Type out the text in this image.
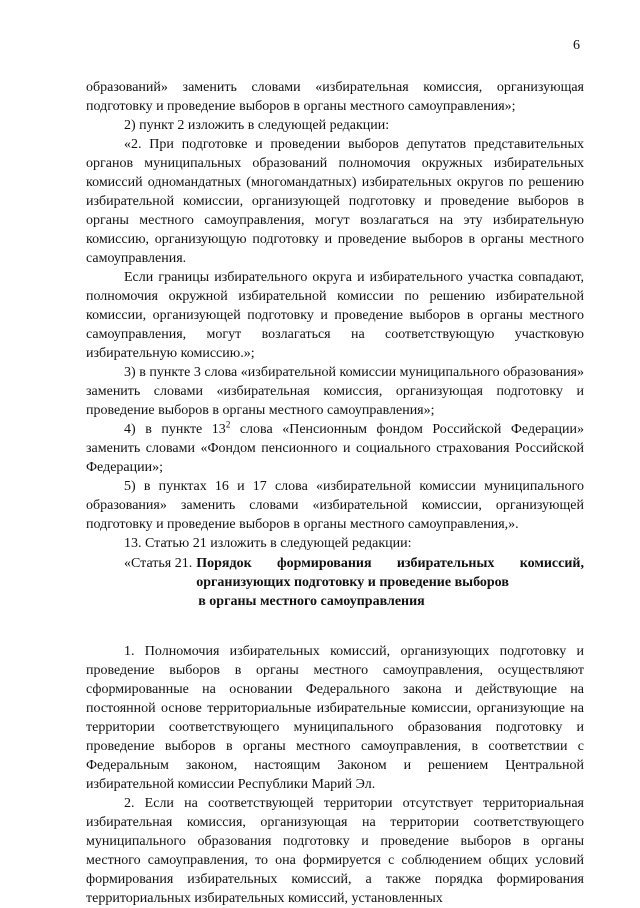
6

образований» заменить словами «избирательная комиссия, организующая подготовку и проведение выборов в органы местного самоуправления»;

2) пункт 2 изложить в следующей редакции:

«2. При подготовке и проведении выборов депутатов представительных органов муниципальных образований полномочия окружных избирательных комиссий одномандатных (многомандатных) избирательных округов по решению избирательной комиссии, организующей подготовку и проведение выборов в органы местного самоуправления, могут возлагаться на эту избирательную комиссию, организующую подготовку и проведение выборов в органы местного самоуправления.

Если границы избирательного округа и избирательного участка совпадают, полномочия окружной избирательной комиссии по решению избирательной комиссии, организующей подготовку и проведение выборов в органы местного самоуправления, могут возлагаться на соответствующую участковую избирательную комиссию.»;

3) в пункте 3 слова «избирательной комиссии муниципального образования» заменить словами «избирательная комиссия, организующая подготовку и проведение выборов в органы местного самоуправления»;

4) в пункте $13^2$ слова «Пенсионным фондом Российской Федерации» заменить словами «Фондом пенсионного и социального страхования Российской Федерации»;

5) в пунктах 16 и 17 слова «избирательной комиссии муниципального образования» заменить словами «избирательной комиссии, организующей подготовку и проведение выборов в органы местного самоуправления,».

13. Статью 21 изложить в следующей редакции:

«Статья 21. Порядок формирования избирательных комиссий, организующих подготовку и проведение выборов
в органы местного самоуправления

1. Полномочия избирательных комиссий, организующих подготовку и проведение выборов в органы местного самоуправления, осуществляют сформированные на основании Федерального закона и действующие на постоянной основе территориальные избирательные комиссии, организующие на территории соответствующего муниципального образования подготовку и проведение выборов в органы местного самоуправления, в соответствии с Федеральным законом, настоящим Законом и решением Центральной избирательной комиссии Республики Марий Эл.

2. Если на соответствующей территории отсутствует территориальная избирательная комиссия, организующая на территории соответствующего муниципального образования подготовку и проведение выборов в органы местного самоуправления, то она формируется с соблюдением общих условий формирования избирательных комиссий, а также порядка формирования территориальных избирательных комиссий, установленных
